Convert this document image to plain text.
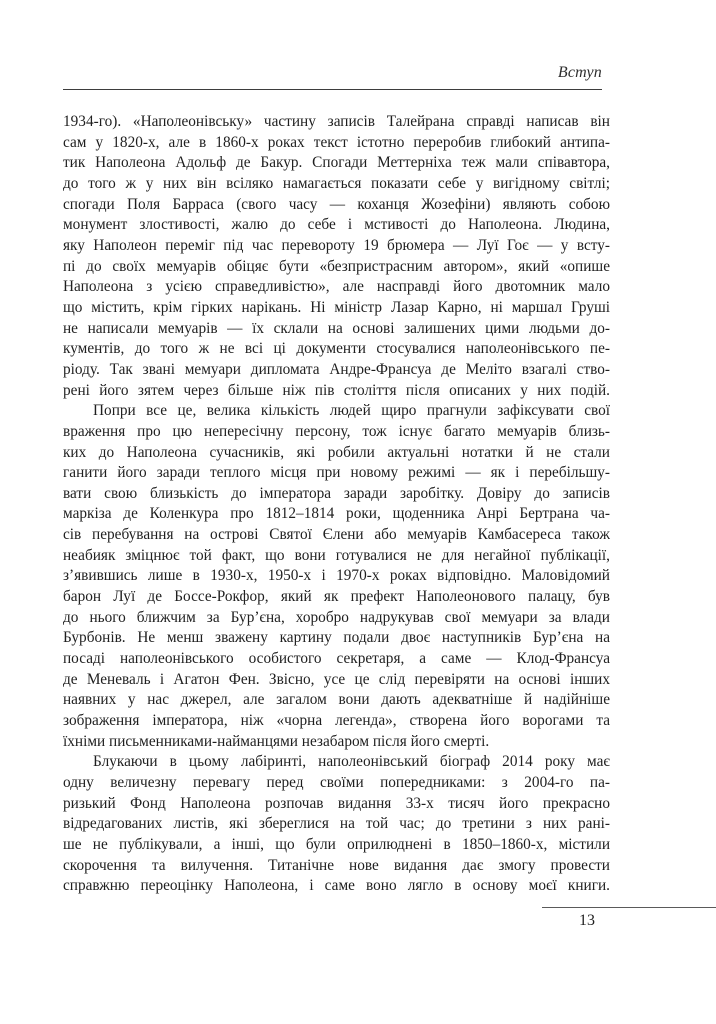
Вступ

1934-го). «Наполеонівську» частину записів Талейрана справді написав він
сам у 1820-х, але в 1860-х роках текст істотно переробив глибокий антипа-
тик Наполеона Адольф де Бакур. Спогади Меттерніха теж мали співавтора,
до того ж у них він всіляко намагається показати себе у вигідному світлі;
спогади Поля Барраса (свого часу — коханця Жозефіни) являють собою
монумент злостивості, жалю до себе і мстивості до Наполеона. Людина,
яку Наполеон переміг під час перевороту 19 брюмера — Луї Гоє — у всту-
пі до своїх мемуарів обіцяє бути «безпристрасним автором», який «опише
Наполеона з усією справедливістю», але насправді його двотомник мало
що містить, крім гірких нарікань. Ні міністр Лазар Карно, ні маршал Груші
не написали мемуарів — їх склали на основі залишених цими людьми до-
кументів, до того ж не всі ці документи стосувалися наполеонівського пе-
ріоду. Так звані мемуари дипломата Андре-Франсуа де Меліто взагалі ство-
рені його зятем через більше ніж пів століття після описаних у них подій.

Попри все це, велика кількість людей щиро прагнули зафіксувати свої
враження про цю непересічну персону, тож існує багато мемуарів близь-
ких до Наполеона сучасників, які робили актуальні нотатки й не стали
ганити його заради теплого місця при новому режимі — як і перебільшу-
вати свою близькість до імператора заради заробітку. Довіру до записів
маркіза де Коленкура про 1812–1814 роки, щоденника Анрі Бертрана ча-
сів перебування на острові Святої Єлени або мемуарів Камбасереса також
неабияк зміцнює той факт, що вони готувалися не для негайної публікації,
з’явившись лише в 1930-х, 1950-х і 1970-х роках відповідно. Маловідомий
барон Луї де Боссе-Рокфор, який як префект Наполеонового палацу, був
до нього ближчим за Бур’єна, хоробро надрукував свої мемуари за влади
Бурбонів. Не менш зважену картину подали двоє наступників Бур’єна на
посаді наполеонівського особистого секретаря, а саме — Клод-Франсуа
де Меневаль і Агатон Фен. Звісно, усе це слід перевіряти на основі інших
наявних у нас джерел, але загалом вони дають адекватніше й надійніше
зображення імператора, ніж «чорна легенда», створена його ворогами та
їхніми письменниками-найманцями незабаром після його смерті.

Блукаючи в цьому лабіринті, наполеонівський біограф 2014 року має
одну величезну перевагу перед своїми попередниками: з 2004-го па-
ризький Фонд Наполеона розпочав видання 33-х тисяч його прекрасно
відредагованих листів, які збереглися на той час; до третини з них рані-
ше не публікували, а інші, що були оприлюднені в 1850–1860-х, містили
скорочення та вилучення. Титанічне нове видання дає змогу провести
справжню переоцінку Наполеона, і саме воно лягло в основу моєї книги.

13
